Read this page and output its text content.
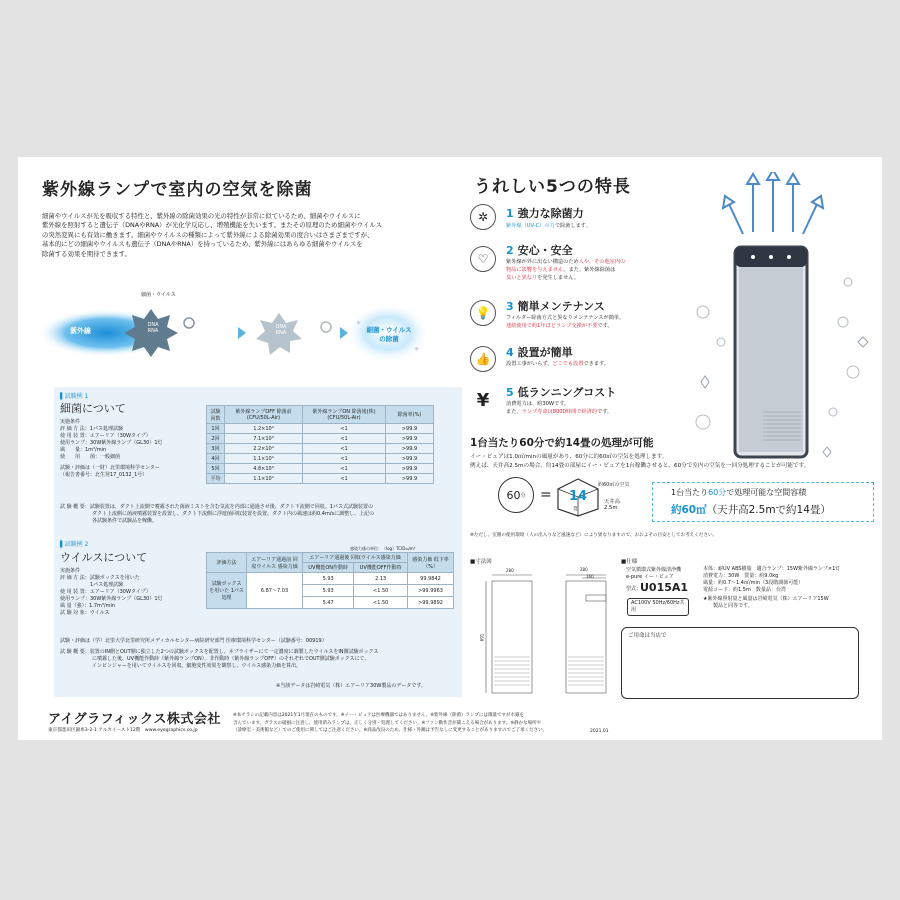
紫外線ランプで室内の空気を除菌
細菌やウイルスが光を吸収する特性と、紫外線の除菌効果の光の特性が非常に似ているため、細菌やウイルスに
紫外線を照射すると遺伝子（DNAやRNA）が光化学反応し、増殖機能を失います。またその原理のため細菌やウイルス
の突然変異にも有効に働きます。細菌やウイルスの種類によって紫外線による除菌効果の度合いはさまざまですが、
基本的にどの細菌やウイルスも遺伝子（DNAやRNA）を持っているため、紫外線にはあらゆる細菌やウイルスを
除菌する効果を期待できます。
✳
✳
細菌・ウイルス
紫外線
DNA
RNA
DNA
RNA	細菌・ウイルス
の除菌
▌試験例 1
細菌について
実施条件
評 価 方 法：1パス処理試験
使 用 装 置：エアーリア（30Wタイプ）
使用ランプ：30W紫外線ランプ（GL30）1灯
風　　量：1m³/min
使　　用　　菌：一般細菌
試験・評価は（一財）北里環境科学センター
（報告書番号：北生発17_0132_1号）
試験回数	紫外線ランプOFF 除菌前(CFU/50L-Air)	紫外線ランプON 除菌後(株)(CFU/50L-Air)	除菌率(%)
1回	1.2×10⁴	<1	>99.9
2回	7.1×10³	<1	>99.9
3回	2.2×10⁴	<1	>99.9
4回	1.1×10⁴	<1	>99.9
5回	4.8×10³	<1	>99.9
平均	1.1×10⁴	<1	>99.9
試 験 概 要：試験装置は、ダクト上流側で噴霧された菌液ミストを含む気流を内部に通過させ後、ダクト下流側で回収。1パス式試験装置の
ダクト上流側に菌液噴霧装置を設置し、ダクト下流側に浮遊菌回収装置を設置。ダクト内の風速は約0.4m/sに調整し、上記の
各試験条件で試験品を稼働。
▌試験例 2
ウイルスについて
実施条件
評 価 方 法：試験ボックスを用いた
　　　　　　1パス処理試験
使 用 装 置：エアーリア（30Wタイプ）
使用ランプ：30W紫外線ランプ（GL30）1灯
風 量（強）：1.7m³/min
試 験 対 象：ウイルス
感染力価の単位：（log）TCID₅₀/m³
評価方法	エアーリア通過前 回収ウイルス 感染力価	エアーリア通過後 回収ウイルス感染力価		感染力価 低下率（%）
		UV機能ON作動時	UV機能OFF作動時	
試験ボックス を用いた 1パス処理	6.87〜7.03	5.93	2.13	99.9842
		5.93	<1.50	>99.9963
		5.47	<1.50	>99.9892
試験・評価は（学）北里大学北里研究所メディカルセンター病院研究部門 医療環境科学センター（試験番号：00919）
試 験 概 要：装置のIN側とOUT側に独立した2つの試験ボックスを配置し、ネブライザーにて一定濃度に調製したウイルスをIN側試験ボックス
に噴霧した後、UV機能作動時（紫外線ランプON）、非作動時（紫外線ランプOFF）のそれぞれでOUT側試験ボックスにて、
インピンジャーを用いてウイルスを回収。細胞変性効果を観察し、ウイルス感染力価を算出。
※当該データは岩崎電気（株）エアーリア30W製品のデータです。
アイグラフィックス株式会社
東京都墨田区錦糸3-2-1 アルカイースト12階　www.eyegraphics.co.jp
うれしい5つの特長
✲	1 強力な除菌力
紫外線（UV-C）の力で除菌します。
♡
2 安心・安全
紫外線が外に出ない構造のため人や、その他室内の
物品に影響を与えません。また、紫外線除菌は
臭いと異なりを発生しません。
💡	3 簡単メンテナンス
フィルター除菌方式と異なりメンテナンスが簡単。
連続使用で約1年ほどランプ交換が不要です。
👍	4 設置が簡単
設置工事がいらず、どこでも設置できます。
¥	5 低ランニングコスト
消費電力は、約30Wです。
また、ランプ寿命は8000時間で経済的です。
1台当たり60分で約14畳の処理が可能
イー・ピュアは1.0㎥/minの風量があり、60分に約60㎥の空気を処理します。
例えば、天井高2.5mの場合、約14畳の部屋にイー・ピュアを1台稼働させると、60分で室内の空気を一回分処理することが可能です。
60 分 = 14
畳
約60㎥の空気
天井高 2.5m
1台当たり60分で処理可能な空間容積
約60㎥（天井高2.5mで約14畳）
※ただし、室圏の使用環境（人の出入りなど風速など）により異なりますので、おおよその目安としてお考えください。
■寸法図
280	280
160
691
■仕様
空気循環式紫外線清浄機
e-pure イー・ピュア
型式：
U015A1
AC100V 50Hz/60Hz共用
本体：耐UV ABS樹脂　適合ランプ：15W紫外線ランプ×1灯
消費電力：30W　質量：約9.0kg
風量：約0.7〜1.4㎥/min（3段階調節可能）
電源コード：約1.5m　数量品：台湾
★紫外線照射量と風量は岩崎電気（株）エアーリア15W
製品と同等です。
ご用命は当店で
※本チラシの記載内容は2021年1月現在のものです。※イー・ピュアは医療機器ではありません。※紫外線（除菌）ランプには微量ですが水銀を
含んでいます。ガラスの破損に注意し、使用済みランプは、正しく分別・処理してください。※ファン動作音が聞こえる場合があります。※静かな場所や
（診療室・美術館など）でのご使用に関してはご注意ください。※商品改良のため、仕様・外観は予告なしに変更することがありますのでご了承ください。	2021.01
